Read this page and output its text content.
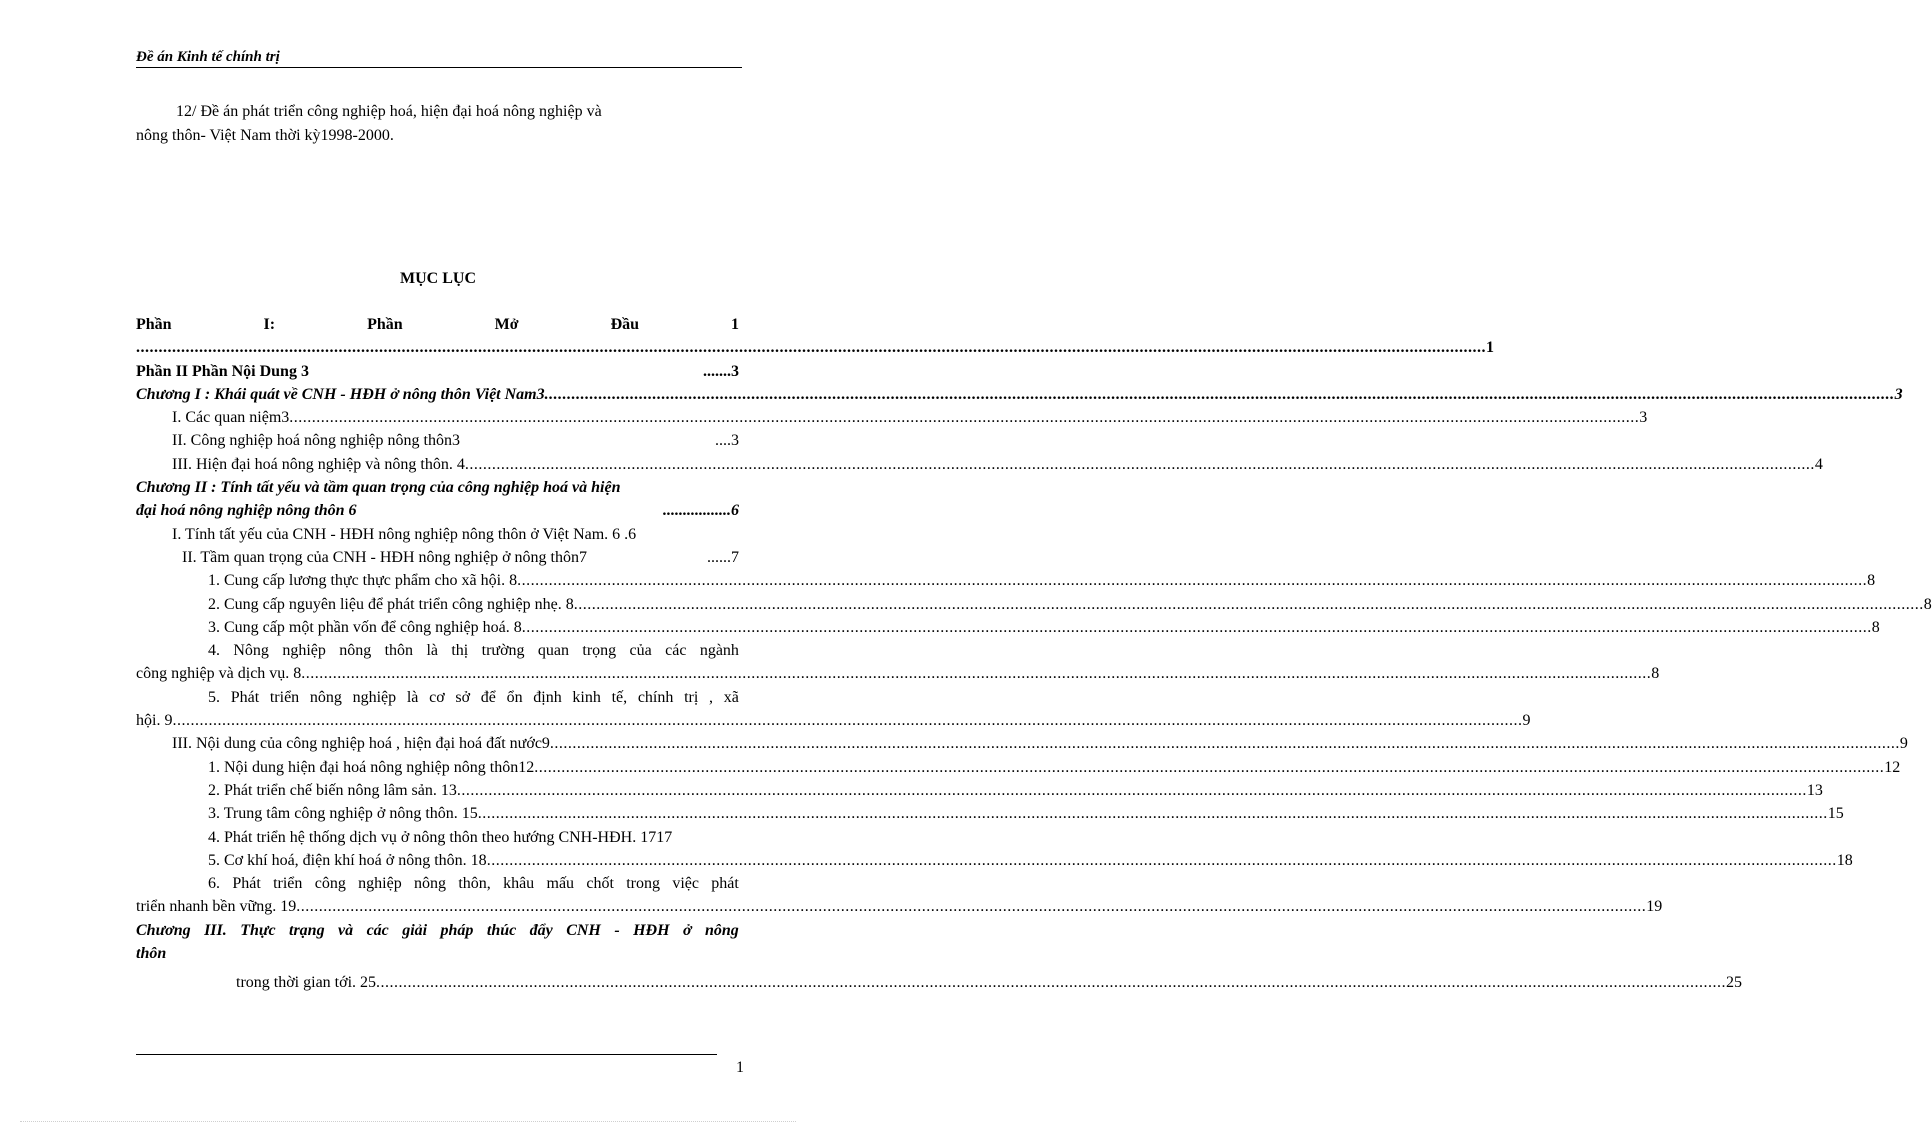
Đề án Kinh tế chính trị
12/ Đề án phát triển công nghiệp hoá, hiện đại hoá nông nghiệp và
nông thôn- Việt Nam thời kỳ1998-2000.
MỤC LỤC
Phần	I:	Phần	Mở	Đầu	1
............................................................................................................................................................................................................................................................................................................ 1
Phần II Phần Nội Dung 3	.......3
Chương I : Khái quát về CNH - HĐH ở nông thôn Việt Nam3 ............................................................................................................................................................................................................................................................................................................ 3
I. Các quan niệm3 ............................................................................................................................................................................................................................................................................................................ 3
II. Công nghiệp hoá nông nghiệp nông thôn3	....3
III. Hiện đại hoá nông nghiệp và nông thôn. 4 ............................................................................................................................................................................................................................................................................................................ 4
Chương II : Tính tất yếu và tầm quan trọng của công nghiệp hoá và hiện
đại hoá nông nghiệp nông thôn 6	.................6
I. Tính tất yếu của CNH - HĐH nông nghiệp nông thôn ở Việt Nam. 6 .6
II. Tầm quan trọng của CNH - HĐH nông nghiệp ở nông thôn7	......7
1. Cung cấp lương thực thực phẩm cho xã hội. 8 ............................................................................................................................................................................................................................................................................................................ 8
2. Cung cấp nguyên liệu để phát triển công nghiệp nhẹ. 8 ............................................................................................................................................................................................................................................................................................................ 8
3. Cung cấp một phần vốn để công nghiệp hoá. 8 ............................................................................................................................................................................................................................................................................................................ 8
4. Nông nghiệp nông thôn là thị trường quan trọng của các ngành
công nghiệp và dịch vụ. 8 ............................................................................................................................................................................................................................................................................................................ 8
5. Phát triển nông nghiệp là cơ sở để ổn định kinh tế, chính trị , xã
hội. 9 ............................................................................................................................................................................................................................................................................................................ 9
III. Nội dung của công nghiệp hoá , hiện đại hoá đất nước9 ............................................................................................................................................................................................................................................................................................................ 9
1. Nội dung hiện đại hoá nông nghiệp nông thôn12 ............................................................................................................................................................................................................................................................................................................ 12
2. Phát triển chế biến nông lâm sản. 13 ............................................................................................................................................................................................................................................................................................................ 13
3. Trung tâm công nghiệp ở nông thôn. 15 ............................................................................................................................................................................................................................................................................................................ 15
4. Phát triển hệ thống dịch vụ ở nông thôn theo hướng CNH-HĐH. 1717
5. Cơ khí hoá, điện khí hoá ở nông thôn. 18 ............................................................................................................................................................................................................................................................................................................ 18
6. Phát triển công nghiệp nông thôn, khâu mấu chốt trong việc phát
triển nhanh bền vững. 19 ............................................................................................................................................................................................................................................................................................................ 19
Chương III. Thực trạng và các giải pháp thúc đẩy CNH - HĐH ở nông
thôn
trong thời gian tới. 25 ............................................................................................................................................................................................................................................................................................................ 25
1
